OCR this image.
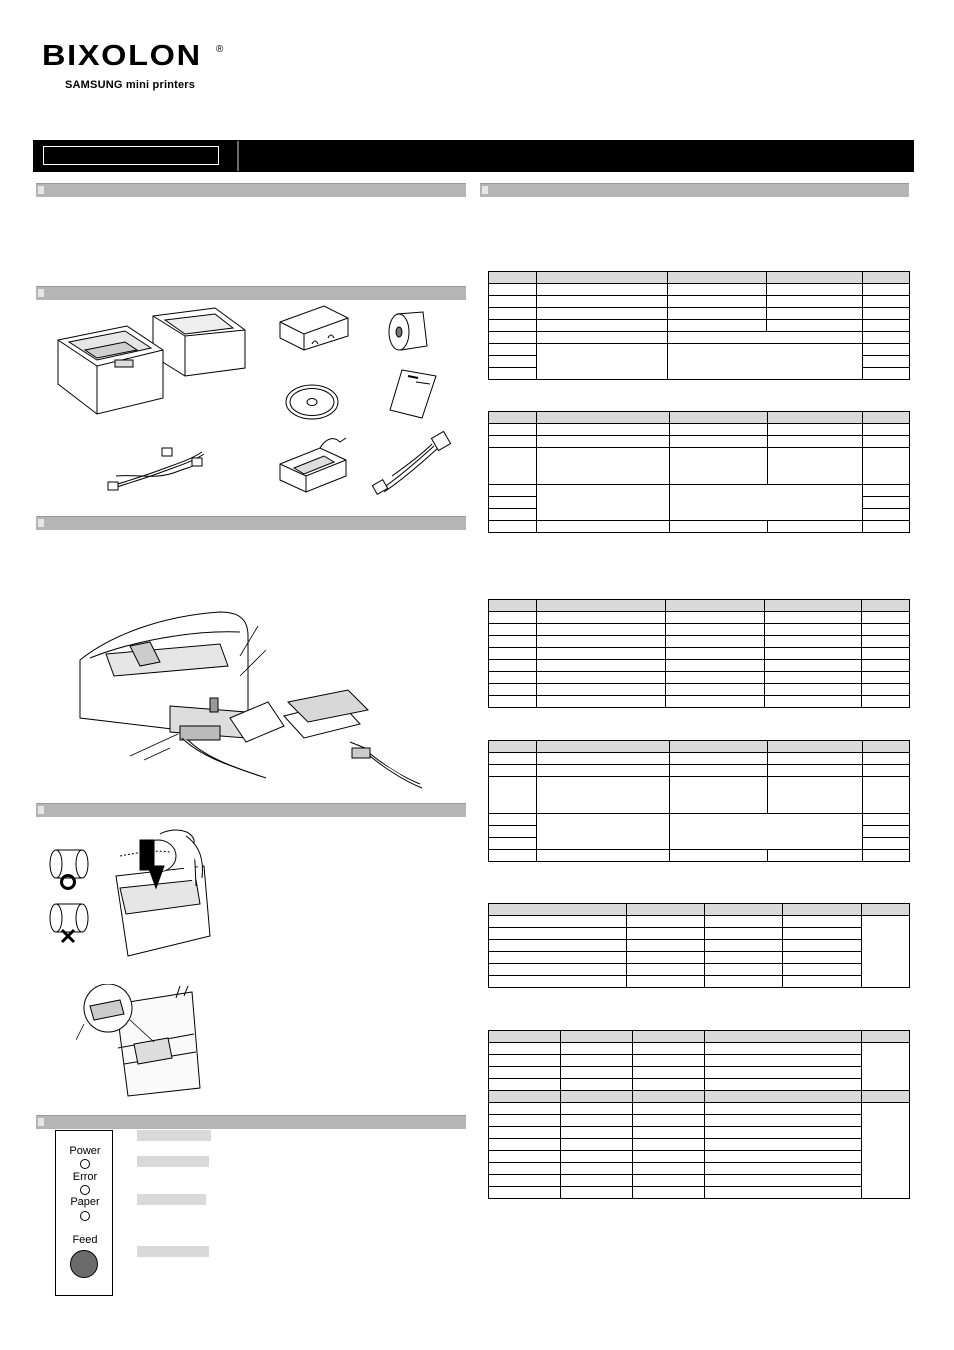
BIXOLON ®
SAMSUNG mini printers
Power
Error
Paper
Feed
